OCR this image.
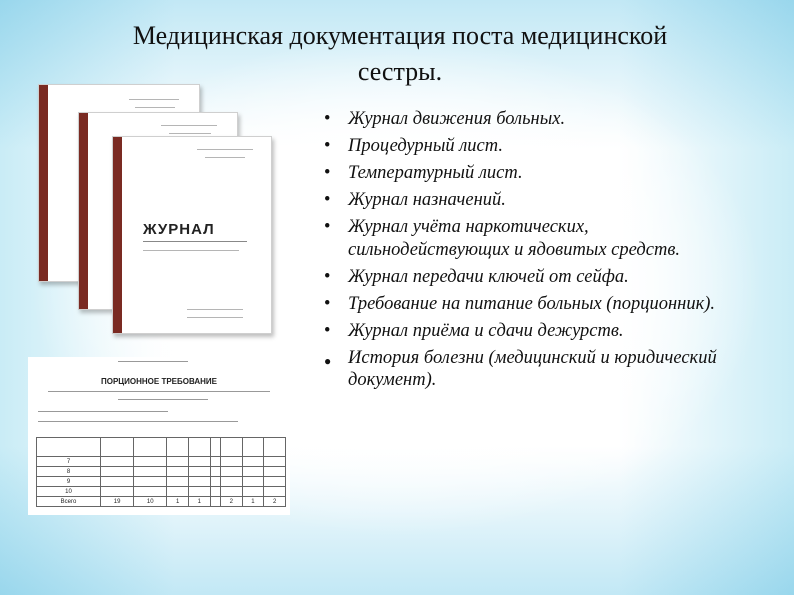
Медицинская документация поста медицинской
сестры.
ЖУРНАЛ
ПОРЦИОННОЕ ТРЕБОВАНИЕ

7								
8								
9								
10								
Всего	19	10	1	1		2	1	2
• Журнал движения больных.
• Процедурный лист.
• Температурный лист.
• Журнал назначений.
• Журнал учёта наркотических, сильнодействующих и ядовитых средств.
• Журнал передачи ключей от сейфа.
• Требование на питание больных (порционник).
• Журнал приёма и сдачи дежурств.
● История болезни (медицинский и юридический документ).
